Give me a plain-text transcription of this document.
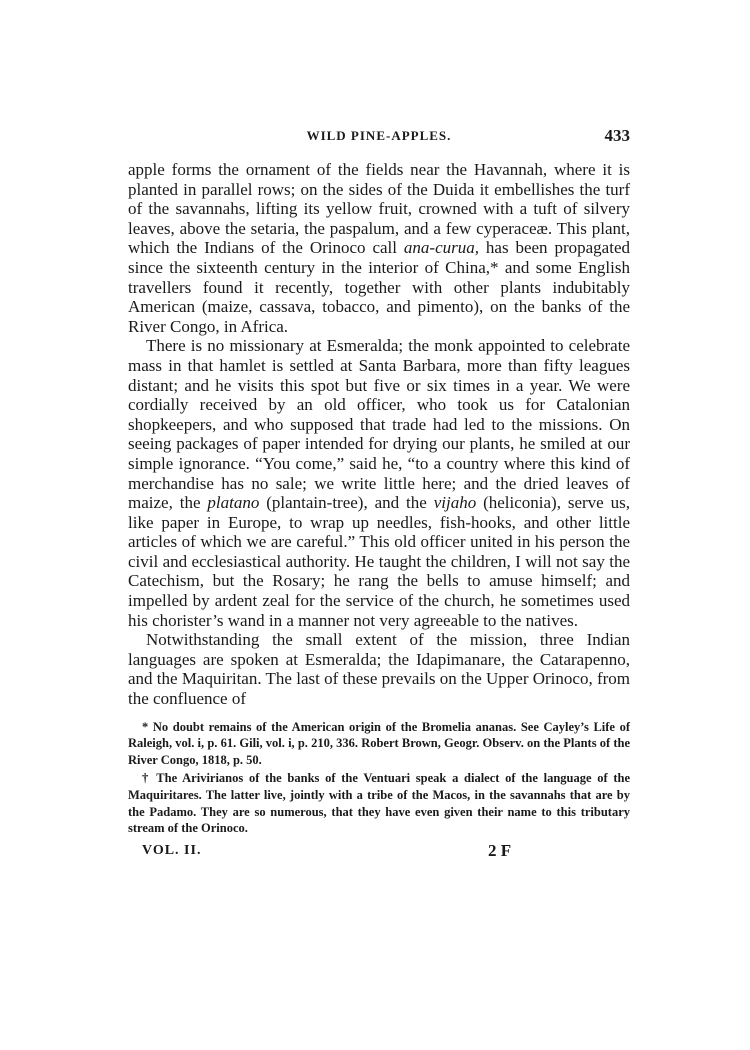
WILD PINE-APPLES.	433

apple forms the ornament of the fields near the Havannah, where it is planted in parallel rows; on the sides of the Duida it embellishes the turf of the savannahs, lifting its yellow fruit, crowned with a tuft of silvery leaves, above the setaria, the paspalum, and a few cyperaceæ. This plant, which the Indians of the Orinoco call ana-curua, has been propagated since the sixteenth century in the interior of China,* and some English travellers found it recently, together with other plants indubitably American (maize, cassava, tobacco, and pimento), on the banks of the River Congo, in Africa.

There is no missionary at Esmeralda; the monk appointed to celebrate mass in that hamlet is settled at Santa Barbara, more than fifty leagues distant; and he visits this spot but five or six times in a year. We were cordially received by an old officer, who took us for Catalonian shopkeepers, and who supposed that trade had led to the missions. On seeing packages of paper intended for drying our plants, he smiled at our simple ignorance. “You come,” said he, “to a country where this kind of merchandise has no sale; we write little here; and the dried leaves of maize, the platano (plantain-tree), and the vijaho (heliconia), serve us, like paper in Europe, to wrap up needles, fish-hooks, and other little articles of which we are careful.” This old officer united in his person the civil and ecclesiastical authority. He taught the children, I will not say the Catechism, but the Rosary; he rang the bells to amuse himself; and impelled by ardent zeal for the service of the church, he sometimes used his chorister’s wand in a manner not very agreeable to the natives.

Notwithstanding the small extent of the mission, three Indian languages are spoken at Esmeralda; the Idapimanare, the Catarapenno, and the Maquiritan. The last of these prevails on the Upper Orinoco, from the confluence of

* No doubt remains of the American origin of the Bromelia ananas. See Cayley’s Life of Raleigh, vol. i, p. 61. Gili, vol. i, p. 210, 336. Robert Brown, Geogr. Observ. on the Plants of the River Congo, 1818, p. 50.

† The Arivirianos of the banks of the Ventuari speak a dialect of the language of the Maquiritares. The latter live, jointly with a tribe of the Macos, in the savannahs that are by the Padamo. They are so numerous, that they have even given their name to this tributary stream of the Orinoco.

VOL. II.	2 F
